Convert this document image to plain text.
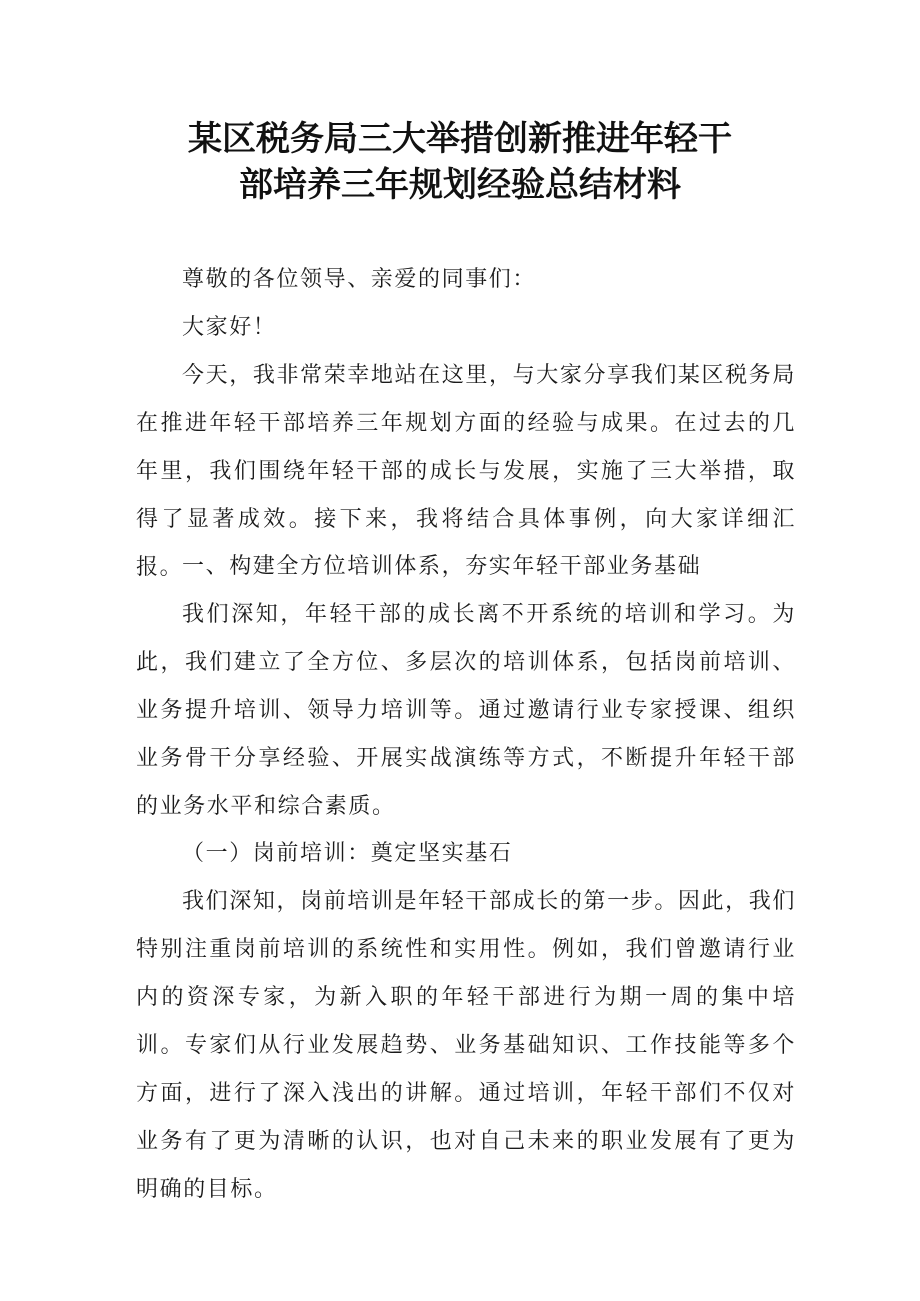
某区税务局三大举措创新推进年轻干
部培养三年规划经验总结材料

尊敬的各位领导、亲爱的同事们：

大家好！

今天，我非常荣幸地站在这里，与大家分享我们某区税务局在推进年轻干部培养三年规划方面的经验与成果。在过去的几年里，我们围绕年轻干部的成长与发展，实施了三大举措，取得了显著成效。接下来，我将结合具体事例，向大家详细汇报。

一、构建全方位培训体系，夯实年轻干部业务基础

我们深知，年轻干部的成长离不开系统的培训和学习。为此，我们建立了全方位、多层次的培训体系，包括岗前培训、业务提升培训、领导力培训等。通过邀请行业专家授课、组织业务骨干分享经验、开展实战演练等方式，不断提升年轻干部的业务水平和综合素质。

（一）岗前培训：奠定坚实基石

我们深知，岗前培训是年轻干部成长的第一步。因此，我们特别注重岗前培训的系统性和实用性。例如，我们曾邀请行业内的资深专家，为新入职的年轻干部进行为期一周的集中培训。专家们从行业发展趋势、业务基础知识、工作技能等多个方面，进行了深入浅出的讲解。通过培训，年轻干部们不仅对业务有了更为清晰的认识，也对自己未来的职业发展有了更为明确的目标。
